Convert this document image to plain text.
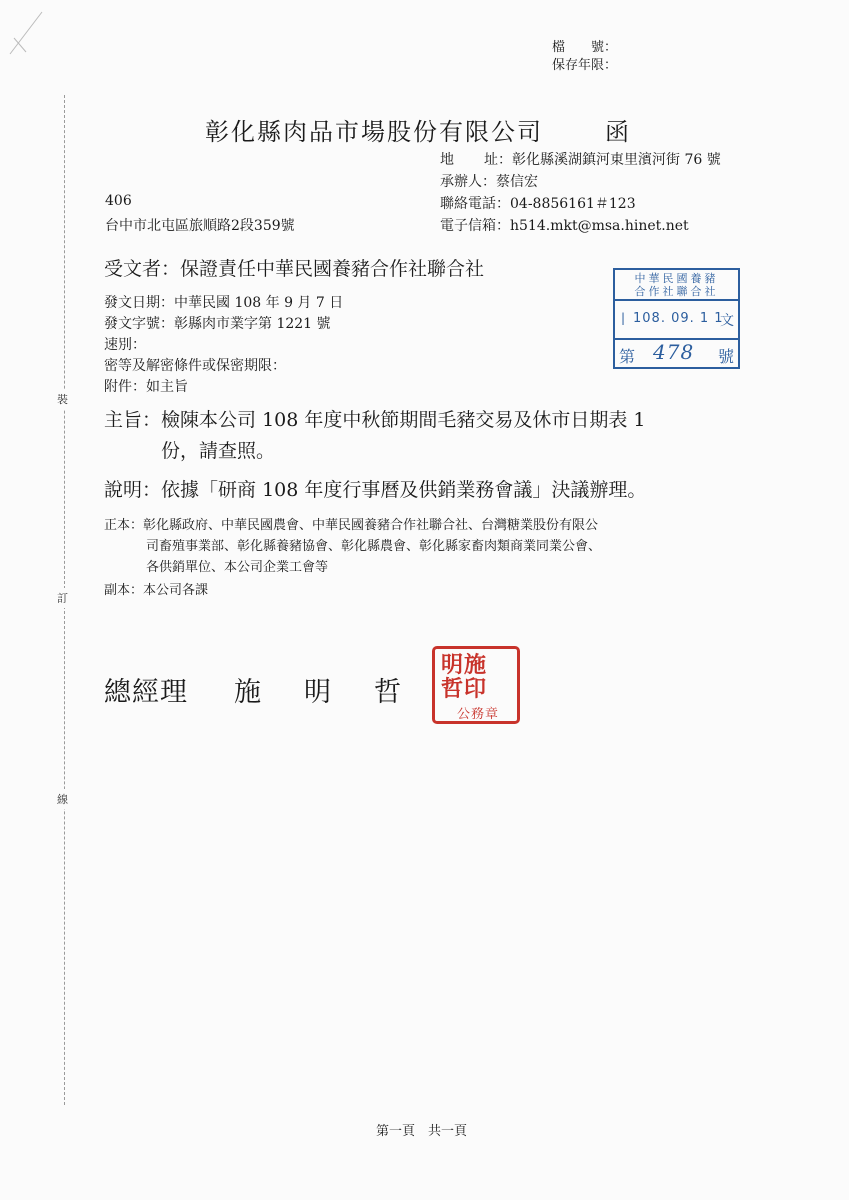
檔　　號：
保存年限：
裝
訂
線
彰化縣肉品市場股份有限公司	函
地　址：彰化縣溪湖鎮河東里濱河街 76 號
承辦人：蔡信宏
聯絡電話：04-8856161＃123
電子信箱：h514.mkt@msa.hinet.net
406
台中市北屯區旅順路2段359號
受文者：保證責任中華民國養豬合作社聯合社
發文日期：中華民國 108 年 9 月 7 日
發文字號：彰縣肉市業字第 1221 號
速別：
密等及解密條件或保密期限：
附件：如主旨
中華民國養豬
合作社聯合社
| 108. 09. 1 1
文
第 478 號
主旨：檢陳本公司 108 年度中秋節期間毛豬交易及休市日期表 1
份，請查照。
說明：依據「研商 108 年度行事曆及供銷業務會議」決議辦理。
正本：彰化縣政府、中華民國農會、中華民國養豬合作社聯合社、台灣糖業股份有限公
司畜殖事業部、彰化縣養豬協會、彰化縣農會、彰化縣家畜肉類商業同業公會、
各供銷單位、本公司企業工會等
副本：本公司各課
總經理 施 明 哲
明施
哲印
公務章
第一頁　共一頁
